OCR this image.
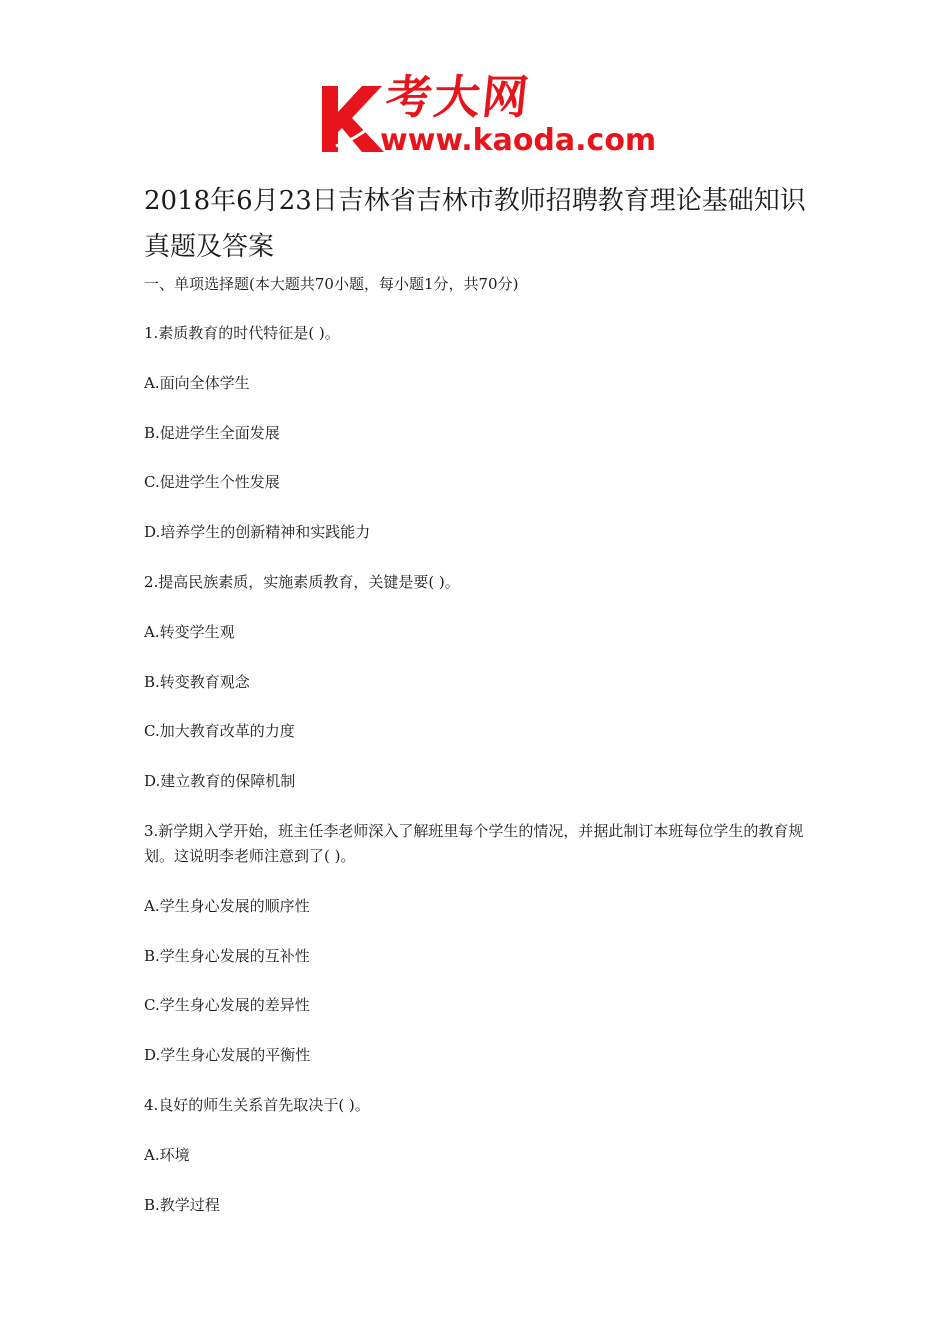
考大网
www.kaoda.com
2018年6月23日吉林省吉林市教师招聘教育理论基础知识
真题及答案

一、单项选择题(本大题共70小题，每小题1分，共70分)

1.素质教育的时代特征是( )。

A.面向全体学生

B.促进学生全面发展

C.促进学生个性发展

D.培养学生的创新精神和实践能力

2.提高民族素质，实施素质教育，关键是要( )。

A.转变学生观

B.转变教育观念

C.加大教育改革的力度

D.建立教育的保障机制

3.新学期入学开始，班主任李老师深入了解班里每个学生的情况，并据此制订本班每位学生的教育规划。这说明李老师注意到了( )。

A.学生身心发展的顺序性

B.学生身心发展的互补性

C.学生身心发展的差异性

D.学生身心发展的平衡性

4.良好的师生关系首先取决于( )。

A.环境

B.教学过程
